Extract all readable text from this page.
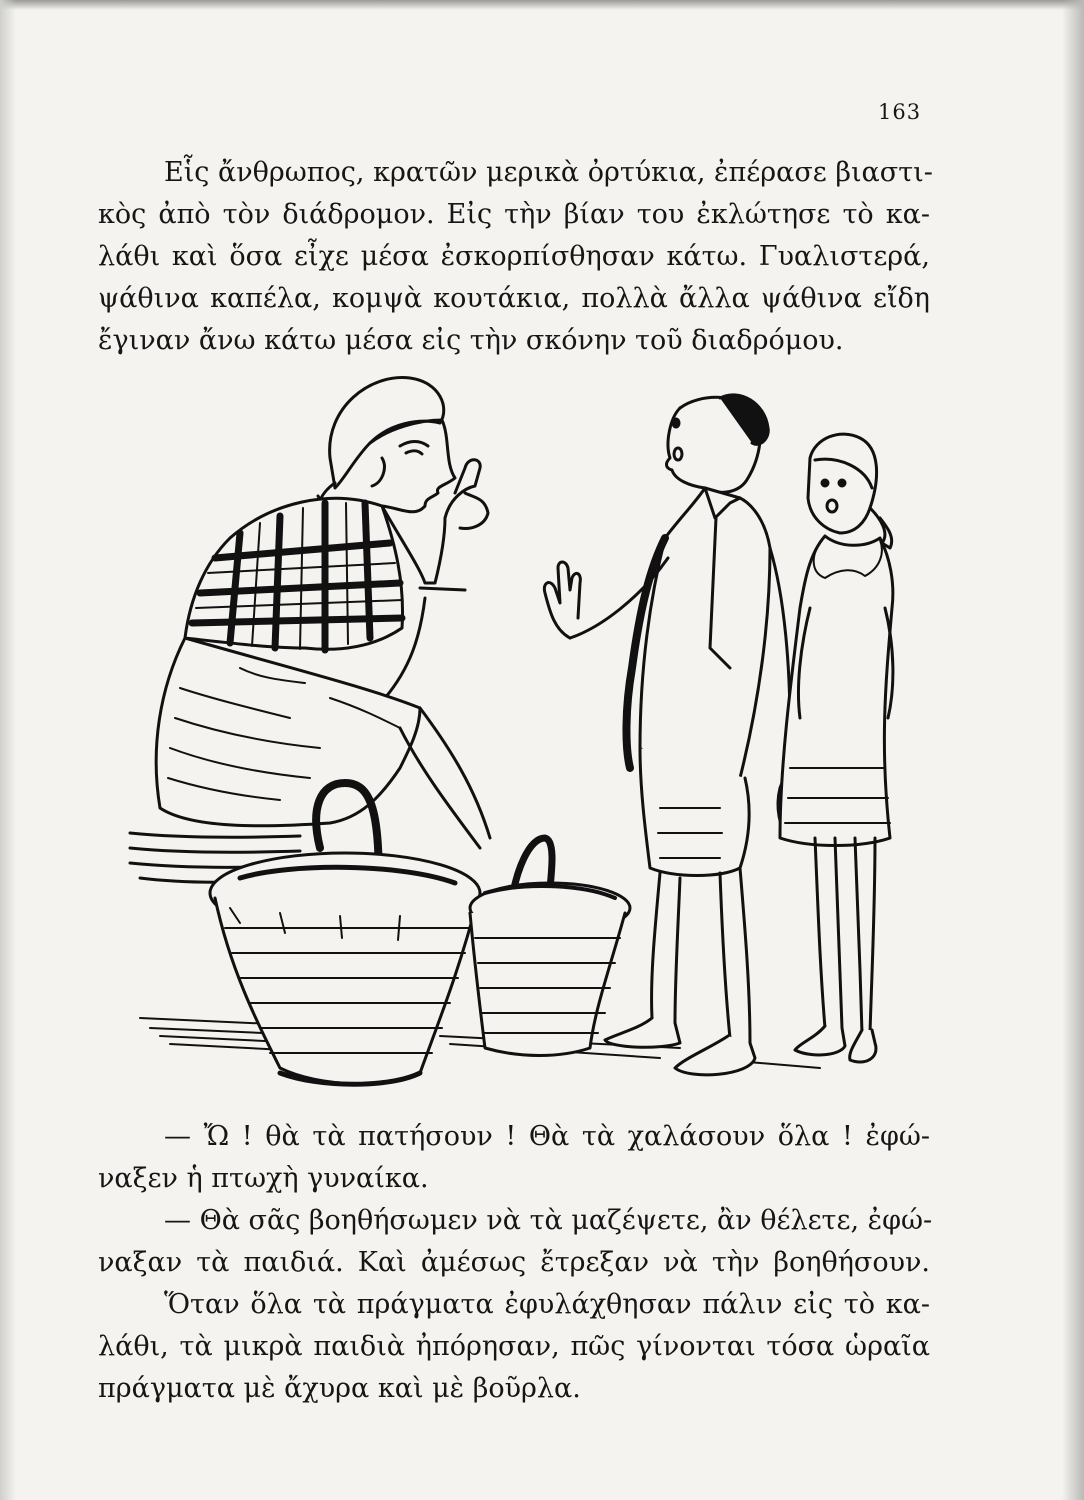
163
Εἷς ἄνθρωπος, κρατῶν μερικὰ ὀρτύκια, ἐπέρασε βιαστι-
κὸς ἀπὸ τὸν διάδρομον. Εἰς τὴν βίαν του ἐκλώτησε τὸ κα-
λάθι καὶ ὅσα εἶχε μέσα ἐσκορπίσθησαν κάτω. Γυαλιστερά,
ψάθινα καπέλα, κομψὰ κουτάκια, πολλὰ ἄλλα ψάθινα εἴδη
ἔγιναν ἄνω κάτω μέσα εἰς τὴν σκόνην τοῦ διαδρόμου.
— Ὤ ! θὰ τὰ πατήσουν ! Θὰ τὰ χαλάσουν ὅλα ! ἐφώ-
ναξεν ἡ πτωχὴ γυναίκα.
— Θὰ σᾶς βοηθήσωμεν νὰ τὰ μαζέψετε, ἂν θέλετε, ἐφώ-
ναξαν τὰ παιδιά. Καὶ ἀμέσως ἔτρεξαν νὰ τὴν βοηθήσουν.
Ὅταν ὅλα τὰ πράγματα ἐφυλάχθησαν πάλιν εἰς τὸ κα-
λάθι, τὰ μικρὰ παιδιὰ ἠπόρησαν, πῶς γίνονται τόσα ὡραῖα
πράγματα μὲ ἄχυρα καὶ μὲ βοῦρλα.
